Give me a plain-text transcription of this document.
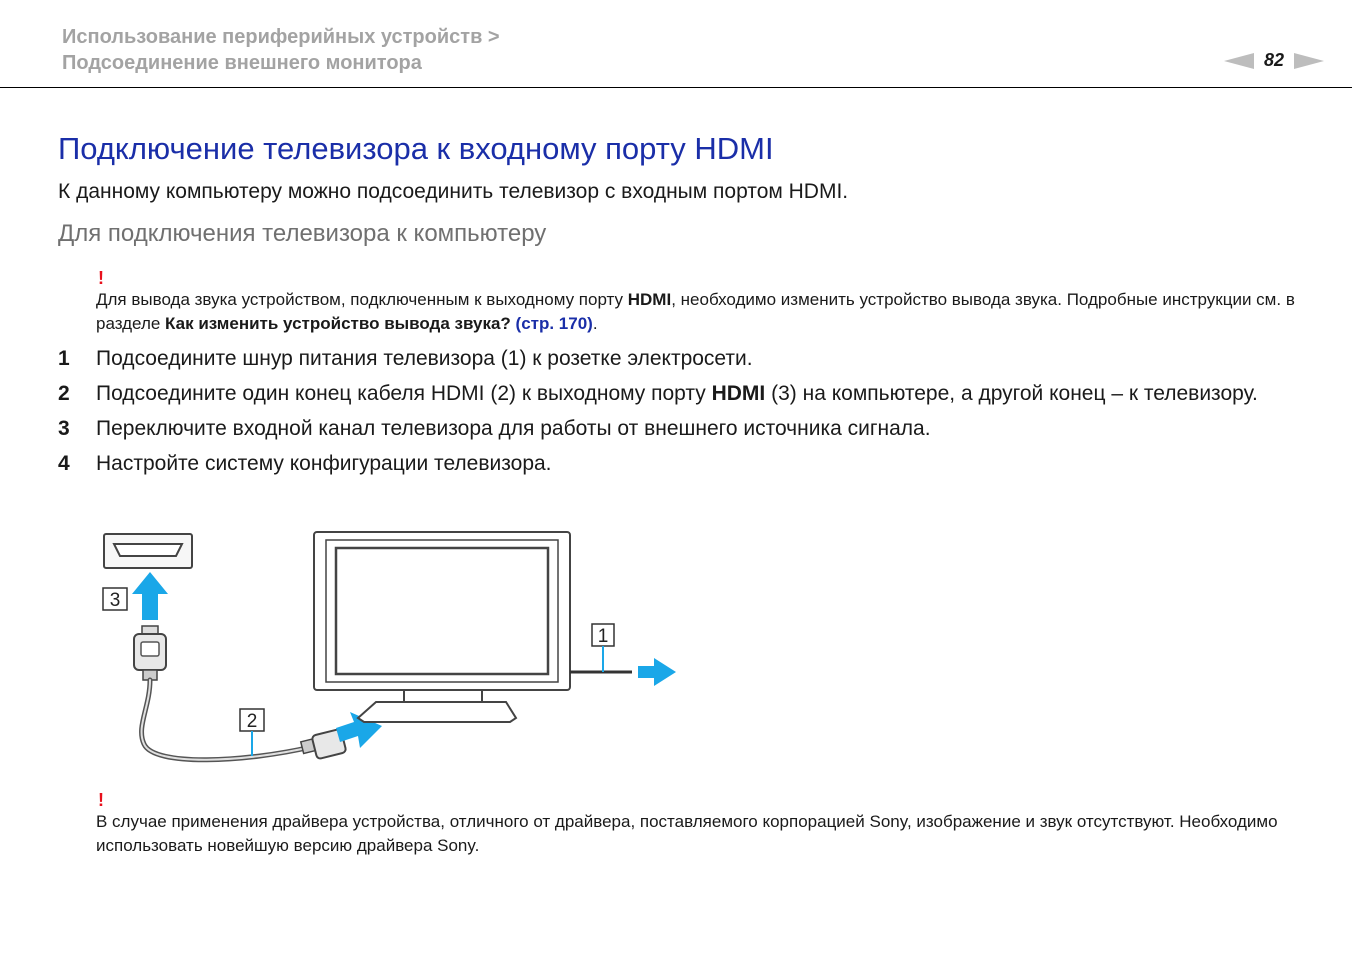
Использование периферийных устройств >
Подсоединение внешнего монитора	82
Подключение телевизора к входному порту HDMI

К данному компьютеру можно подсоединить телевизор с входным портом HDMI.

Для подключения телевизора к компьютеру
!
Для вывода звука устройством, подключенным к выходному порту HDMI, необходимо изменить устройство вывода звука. Подробные инструкции см. в разделе Как изменить устройство вывода звука? (стр. 170).
1	Подсоедините шнур питания телевизора (1) к розетке электросети.
2	Подсоедините один конец кабеля HDMI (2) к выходному порту HDMI (3) на компьютере, а другой конец – к телевизору.
3	Переключите входной канал телевизора для работы от внешнего источника сигнала.
4	Настройте систему конфигурации телевизора.
3
2
1
!
В случае применения драйвера устройства, отличного от драйвера, поставляемого корпорацией Sony, изображение и звук отсутствуют. Необходимо использовать новейшую версию драйвера Sony.
